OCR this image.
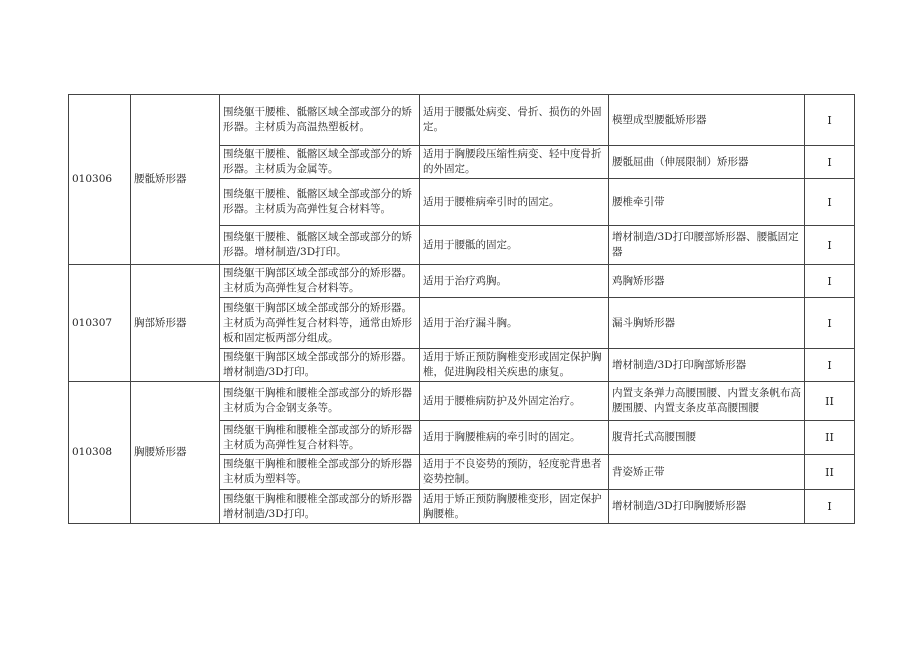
010306	腰骶矫形器	围绕躯干腰椎、骶髂区域全部或部分的矫形器。主材质为高温热塑板材。	适用于腰骶处病变、骨折、损伤的外固定。	模塑成型腰骶矫形器	I
		围绕躯干腰椎、骶髂区域全部或部分的矫形器。主材质为金属等。	适用于胸腰段压缩性病变、轻中度骨折的外固定。	腰骶屈曲（伸展限制）矫形器	I
		围绕躯干腰椎、骶髂区域全部或部分的矫形器。主材质为高弹性复合材料等。	适用于腰椎病牵引时的固定。	腰椎牵引带	I
		围绕躯干腰椎、骶髂区域全部或部分的矫形器。增材制造/3D打印。	适用于腰骶的固定。	增材制造/3D打印腰部矫形器、腰骶固定器	I
010307	胸部矫形器	围绕躯干胸部区域全部或部分的矫形器。主材质为高弹性复合材料等。	适用于治疗鸡胸。	鸡胸矫形器	I
		围绕躯干胸部区域全部或部分的矫形器。主材质为高弹性复合材料等，通常由矫形板和固定板两部分组成。	适用于治疗漏斗胸。	漏斗胸矫形器	I
		围绕躯干胸部区域全部或部分的矫形器。增材制造/3D打印。	适用于矫正预防胸椎变形或固定保护胸椎，促进胸段相关疾患的康复。	增材制造/3D打印胸部矫形器	I
010308	胸腰矫形器	围绕躯干胸椎和腰椎全部或部分的矫形器主材质为合金钢支条等。	适用于腰椎病防护及外固定治疗。	内置支条弹力高腰围腰、内置支条帆布高腰围腰、内置支条皮革高腰围腰	II
		围绕躯干胸椎和腰椎全部或部分的矫形器主材质为高弹性复合材料等。	适用于胸腰椎病的牵引时的固定。	腹背托式高腰围腰	II
		围绕躯干胸椎和腰椎全部或部分的矫形器主材质为塑料等。	适用于不良姿势的预防，轻度驼背患者姿势控制。	背姿矫正带	II
		围绕躯干胸椎和腰椎全部或部分的矫形器增材制造/3D打印。	适用于矫正预防胸腰椎变形，固定保护胸腰椎。	增材制造/3D打印胸腰矫形器	I
